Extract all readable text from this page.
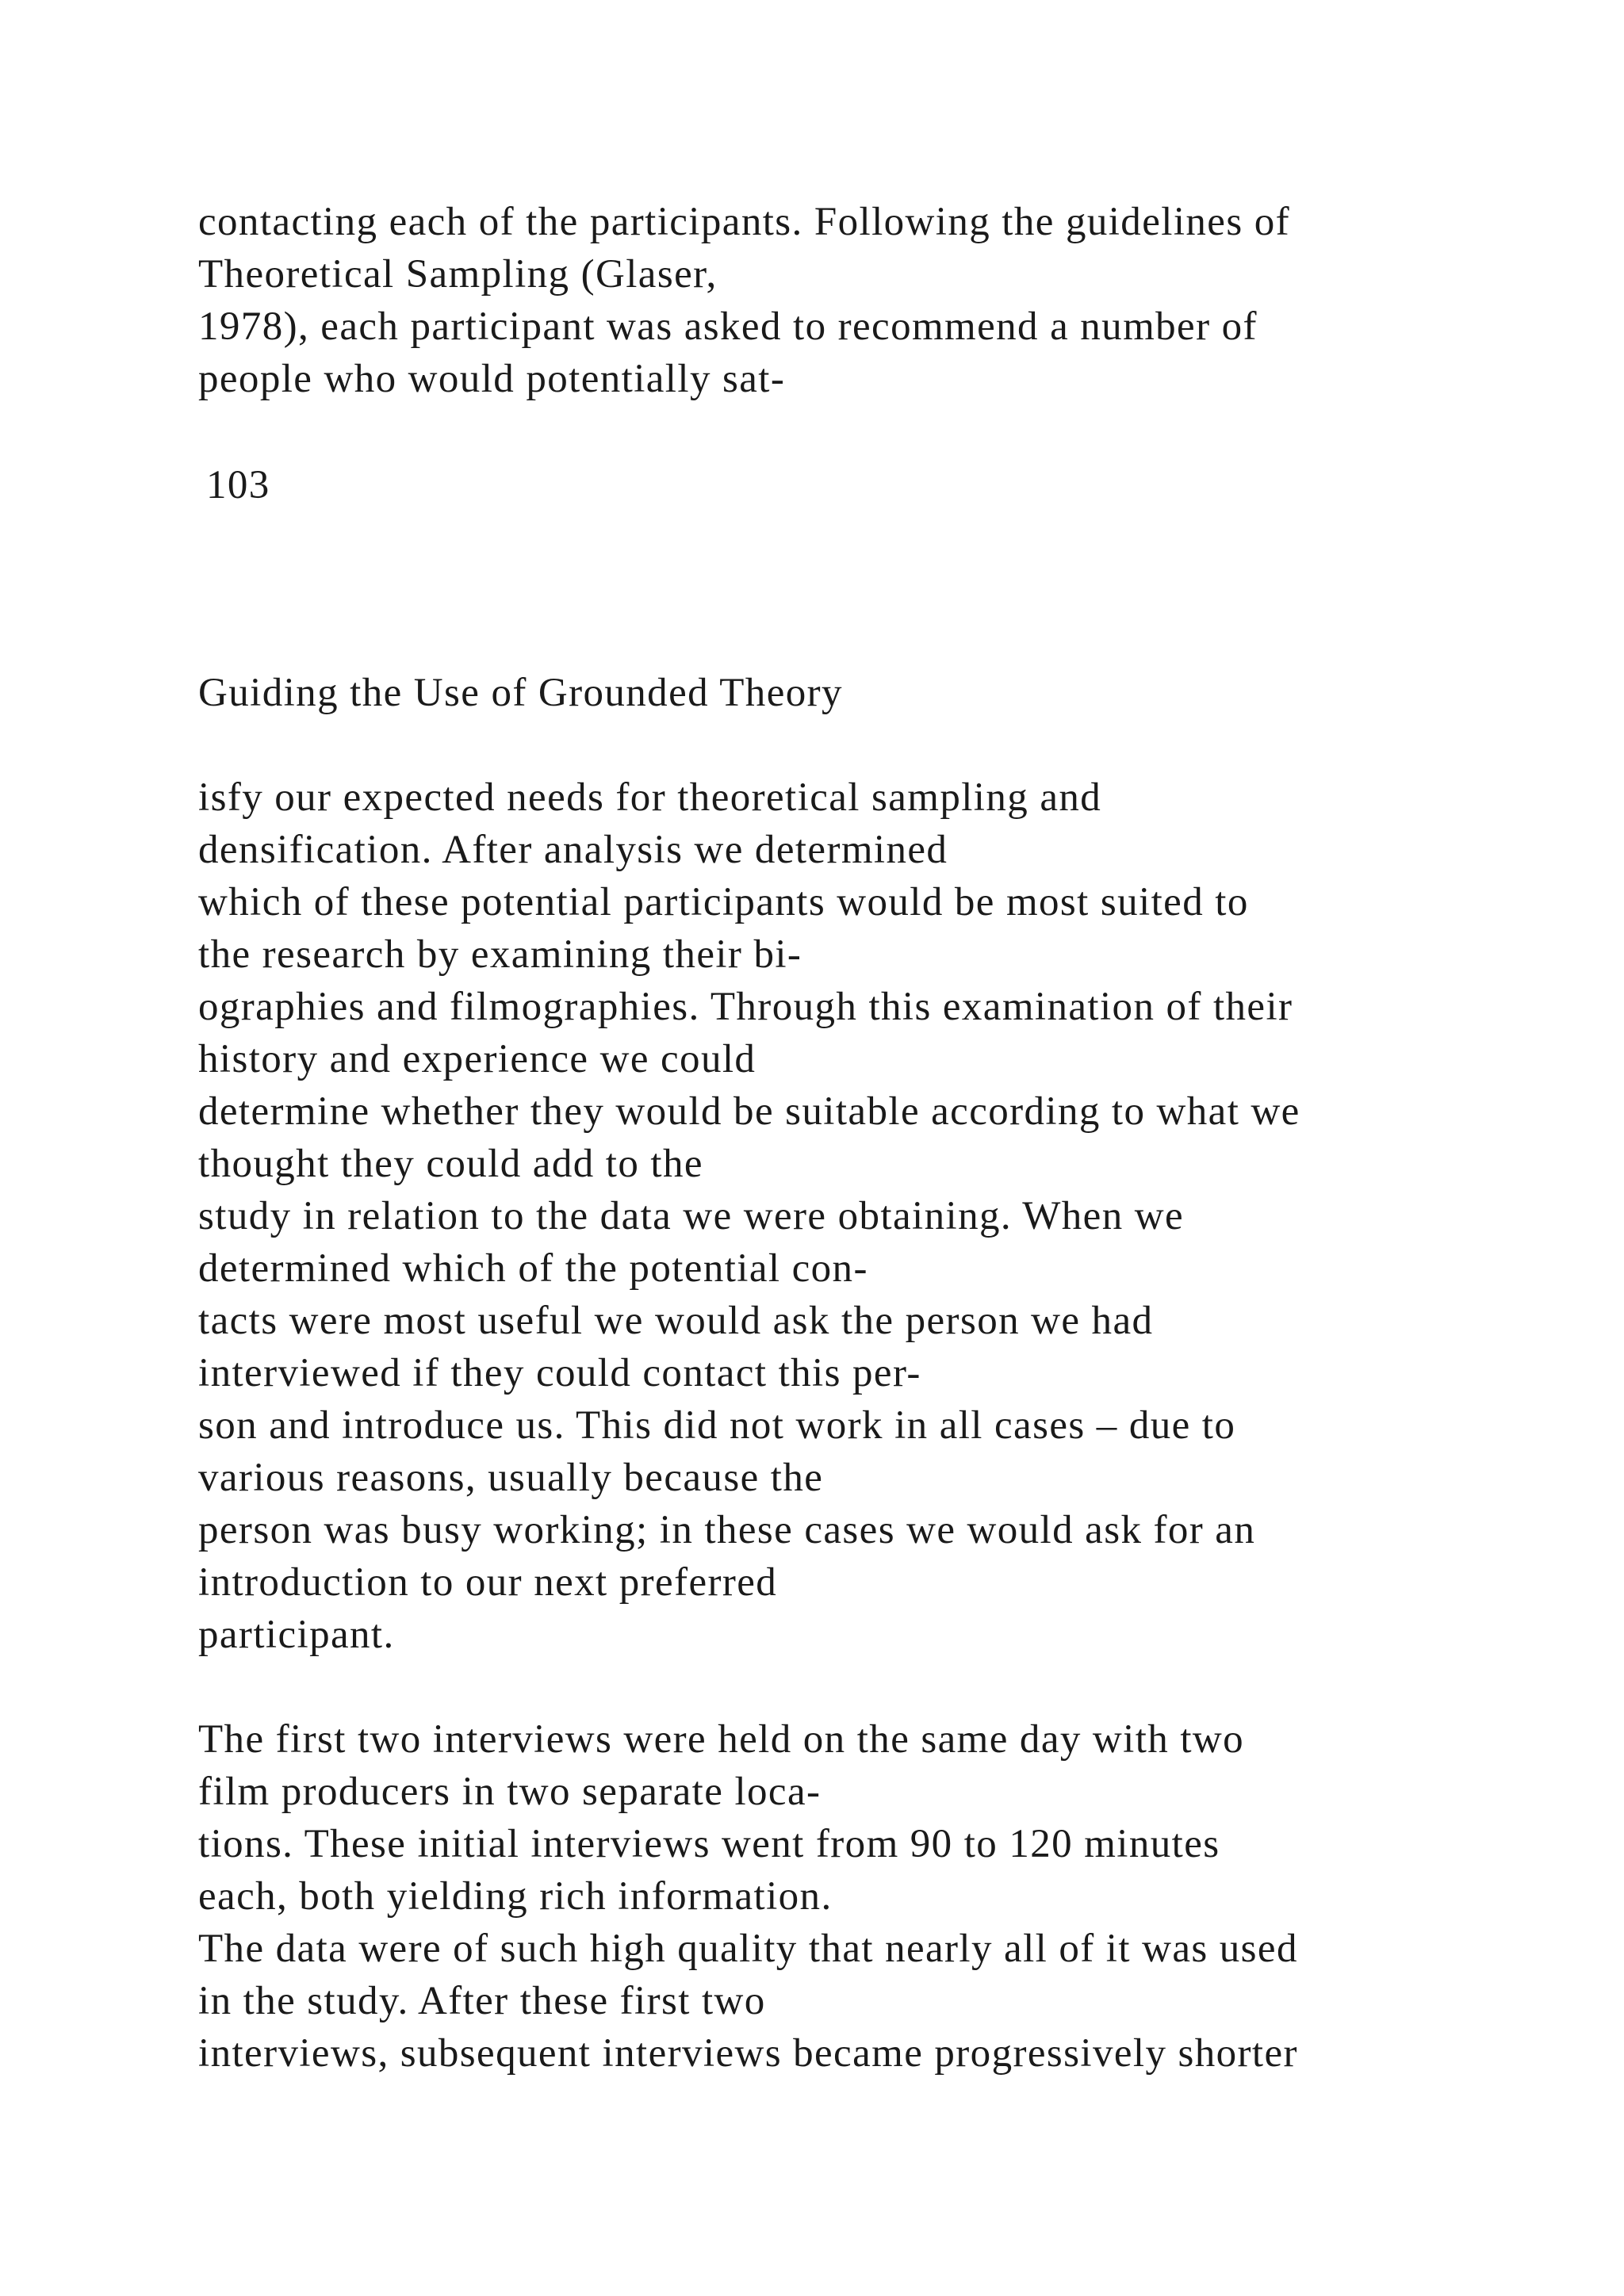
contacting each of the participants. Following the guidelines of
Theoretical Sampling (Glaser,
1978), each participant was asked to recommend a number of
people who would potentially sat-
103
Guiding the Use of Grounded Theory
isfy our expected needs for theoretical sampling and
densification. After analysis we determined
which of these potential participants would be most suited to
the research by examining their bi-
ographies and filmographies. Through this examination of their
history and experience we could
determine whether they would be suitable according to what we
thought they could add to the
study in relation to the data we were obtaining. When we
determined which of the potential con-
tacts were most useful we would ask the person we had
interviewed if they could contact this per-
son and introduce us. This did not work in all cases – due to
various reasons, usually because the
person was busy working; in these cases we would ask for an
introduction to our next preferred
participant.
The first two interviews were held on the same day with two
film producers in two separate loca-
tions. These initial interviews went from 90 to 120 minutes
each, both yielding rich information.
The data were of such high quality that nearly all of it was used
in the study. After these first two
interviews, subsequent interviews became progressively shorter
